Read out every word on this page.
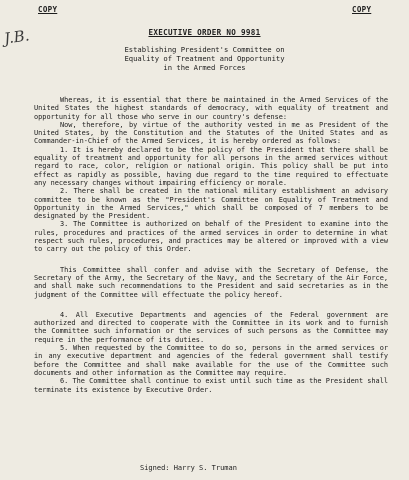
COPY	COPY
J.B.	EXECUTIVE ORDER NO 9981
Establishing President's Committee on
Equality of Treatment and Opportunity
in the Armed Forces

Whereas, it is essential that there be maintained in the Armed Services of the United States the highest standards of democracy, with equality of treatment and opportunity for all those who serve in our country's defense:

Now, therefore, by virtue of the authority vested in me as President of the United States, by the Constitution and the Statutes of the United States and as Commander-in-Chief of the Armed Services, it is hereby ordered as follows:

1. It is hereby declared to be the policy of the President that there shall be equality of treatment and opportunity for all persons in the armed services without regard to race, color, religion or national origin. This policy shall be put into effect as rapidly as possible, having due regard to the time required to effectuate any necessary changes without impairing efficiency or morale.

2. There shall be created in the national military establishment an advisory committee to be known as the "President's Committee on Equality of Treatment and Opportunity in the Armed Services," which shall be composed of 7 members to be designated by the President.

3. The Committee is authorized on behalf of the President to examine into the rules, procedures and practices of the armed services in order to determine in what respect such rules, procedures, and practices may be altered or improved with a view to carry out the policy of this Order.

This Committee shall confer and advise with the Secretary of Defense, the Secretary of the Army, the Secretary of the Navy, and the Secretary of the Air Force, and shall make such recommendations to the President and said secretaries as in the judgment of the Committee will effectuate the policy hereof.

4. All Executive Departments and agencies of the Federal government are authorized and directed to cooperate with the Committee in its work and to furnish the Committee such information or the services of such persons as the Committee may require in the performance of its duties.

5. When requested by the Committee to do so, persons in the armed services or in any executive department and agencies of the federal government shall testify before the Committee and shall make available for the use of the Committee such documents and other information as the Committee may require.

6. The Committee shall continue to exist until such time as the President shall terminate its existence by Executive Order.

Signed: Harry S. Truman
